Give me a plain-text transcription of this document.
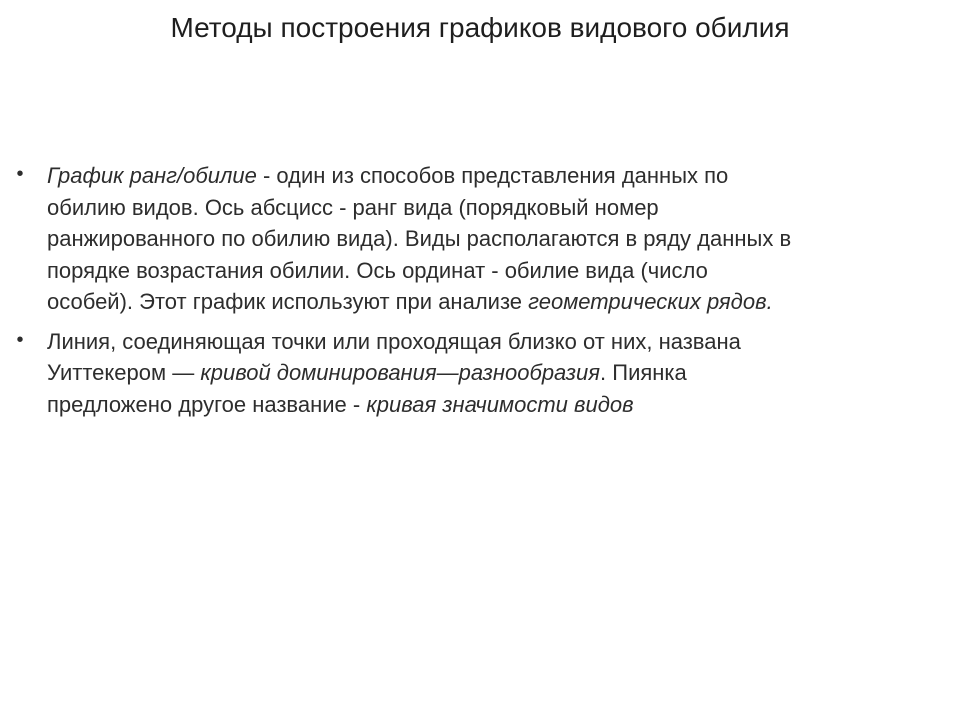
Методы построения графиков видового обилия
•	График ранг/обилие - один из способов представления данных по
обилию видов. Ось абсцисс - ранг вида (порядковый номер
ранжированного по обилию вида). Виды располагаются в ряду данных в
порядке возрастания обилии. Ось ординат - обилие вида (число
особей). Этот график используют при анализе геометрических рядов.
•	Линия, соединяющая точки или проходящая близко от них, названа
Уиттекером — кривой доминирования—разнообразия. Пиянка
предложено другое название - кривая значимости видов
